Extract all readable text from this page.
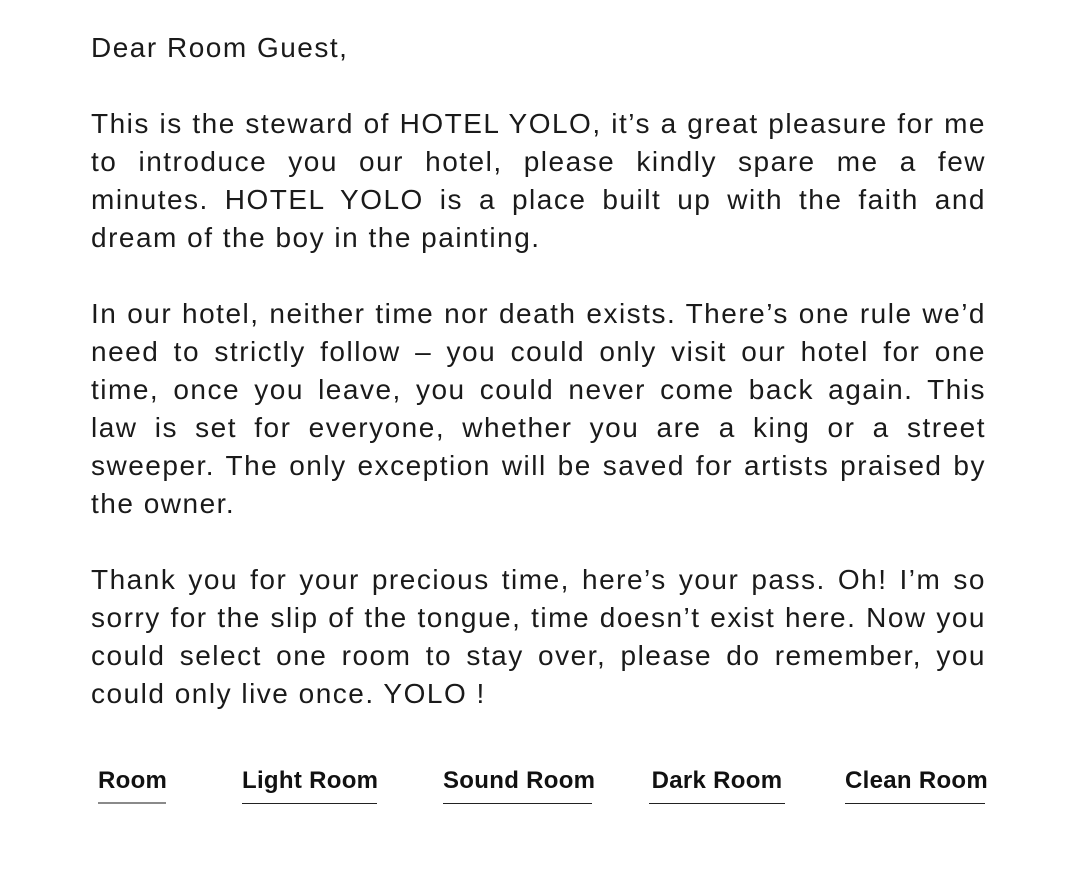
Dear Room Guest,

This is the steward of HOTEL YOLO, it’s a great pleasure for me to introduce you our hotel, please kindly spare me a few minutes. HOTEL YOLO is a place built up with the faith and dream of the boy in the painting.

In our hotel, neither time nor death exists. There’s one rule we’d need to strictly follow – you could only visit our hotel for one time, once you leave, you could never come back again. This law is set for everyone, whether you are a king or a street sweeper. The only exception will be saved for artists praised by the owner.

Thank you for your precious time, here’s your pass. Oh! I’m so sorry for the slip of the tongue, time doesn’t exist here. Now you could select one room to stay over, please do remember, you could only live once. YOLO !

Room	Light Room	Sound Room Dark Room	Clean Room
